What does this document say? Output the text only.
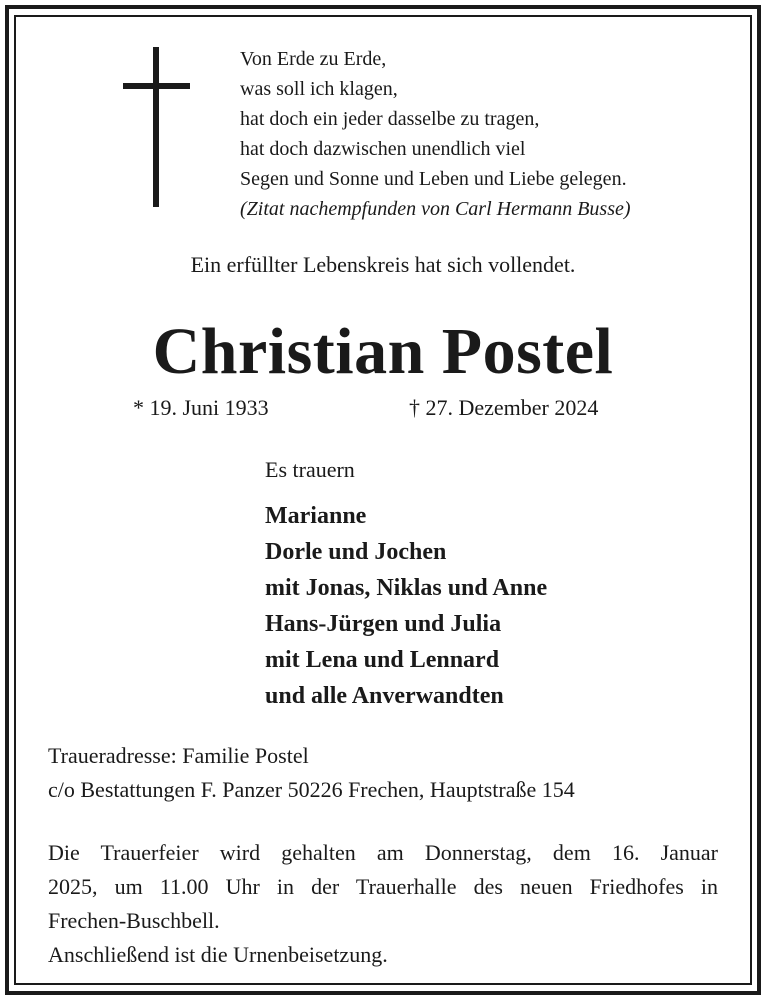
Von Erde zu Erde,
was soll ich klagen,
hat doch ein jeder dasselbe zu tragen,
hat doch dazwischen unendlich viel
Segen und Sonne und Leben und Liebe gelegen.
(Zitat nachempfunden von Carl Hermann Busse)
Ein erfüllter Lebenskreis hat sich vollendet.
Christian Postel
* 19. Juni 1933	† 27. Dezember 2024
Es trauern
Marianne
Dorle und Jochen
mit Jonas, Niklas und Anne
Hans-Jürgen und Julia
mit Lena und Lennard
und alle Anverwandten
Traueradresse: Familie Postel
c/o Bestattungen F. Panzer 50226 Frechen, Hauptstraße 154
Die Trauerfeier wird gehalten am Donnerstag, dem 16. Januar
2025, um 11.00 Uhr in der Trauerhalle des neuen Friedhofes in
Frechen-Buschbell.
Anschließend ist die Urnenbeisetzung.
